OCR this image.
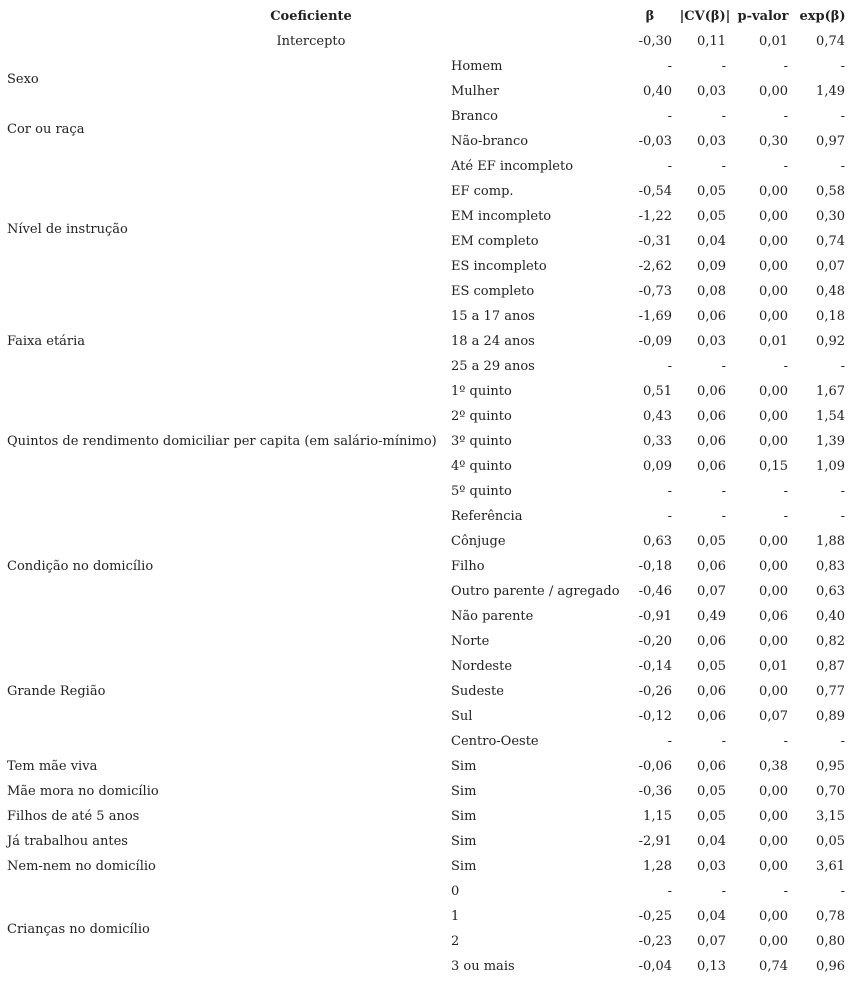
Coeficiente		β	|CV(β)|	p-valor	exp(β)
Intercepto		-0,30	0,11	0,01	0,74
Sexo	Homem	-	-	-	-
	Mulher	0,40	0,03	0,00	1,49
Cor ou raça	Branco	-	-	-	-
	Não-branco	-0,03	0,03	0,30	0,97
Nível de instrução	Até EF incompleto	-	-	-	-
	EF comp.	-0,54	0,05	0,00	0,58
	EM incompleto	-1,22	0,05	0,00	0,30
	EM completo	-0,31	0,04	0,00	0,74
	ES incompleto	-2,62	0,09	0,00	0,07
	ES completo	-0,73	0,08	0,00	0,48
Faixa etária	15 a 17 anos	-1,69	0,06	0,00	0,18
	18 a 24 anos	-0,09	0,03	0,01	0,92
	25 a 29 anos	-	-	-	-
Quintos de rendimento domiciliar per capita (em salário-mínimo)	1º quinto	0,51	0,06	0,00	1,67
	2º quinto	0,43	0,06	0,00	1,54
	3º quinto	0,33	0,06	0,00	1,39
	4º quinto	0,09	0,06	0,15	1,09
	5º quinto	-	-	-	-
Condição no domicílio	Referência	-	-	-	-
	Cônjuge	0,63	0,05	0,00	1,88
	Filho	-0,18	0,06	0,00	0,83
	Outro parente / agregado	-0,46	0,07	0,00	0,63
	Não parente	-0,91	0,49	0,06	0,40
Grande Região	Norte	-0,20	0,06	0,00	0,82
	Nordeste	-0,14	0,05	0,01	0,87
	Sudeste	-0,26	0,06	0,00	0,77
	Sul	-0,12	0,06	0,07	0,89
	Centro-Oeste	-	-	-	-
Tem mãe viva	Sim	-0,06	0,06	0,38	0,95
Mãe mora no domicílio	Sim	-0,36	0,05	0,00	0,70
Filhos de até 5 anos	Sim	1,15	0,05	0,00	3,15
Já trabalhou antes	Sim	-2,91	0,04	0,00	0,05
Nem-nem no domicílio	Sim	1,28	0,03	0,00	3,61
Crianças no domicílio	0	-	-	-	-
	1	-0,25	0,04	0,00	0,78
	2	-0,23	0,07	0,00	0,80
	3 ou mais	-0,04	0,13	0,74	0,96
